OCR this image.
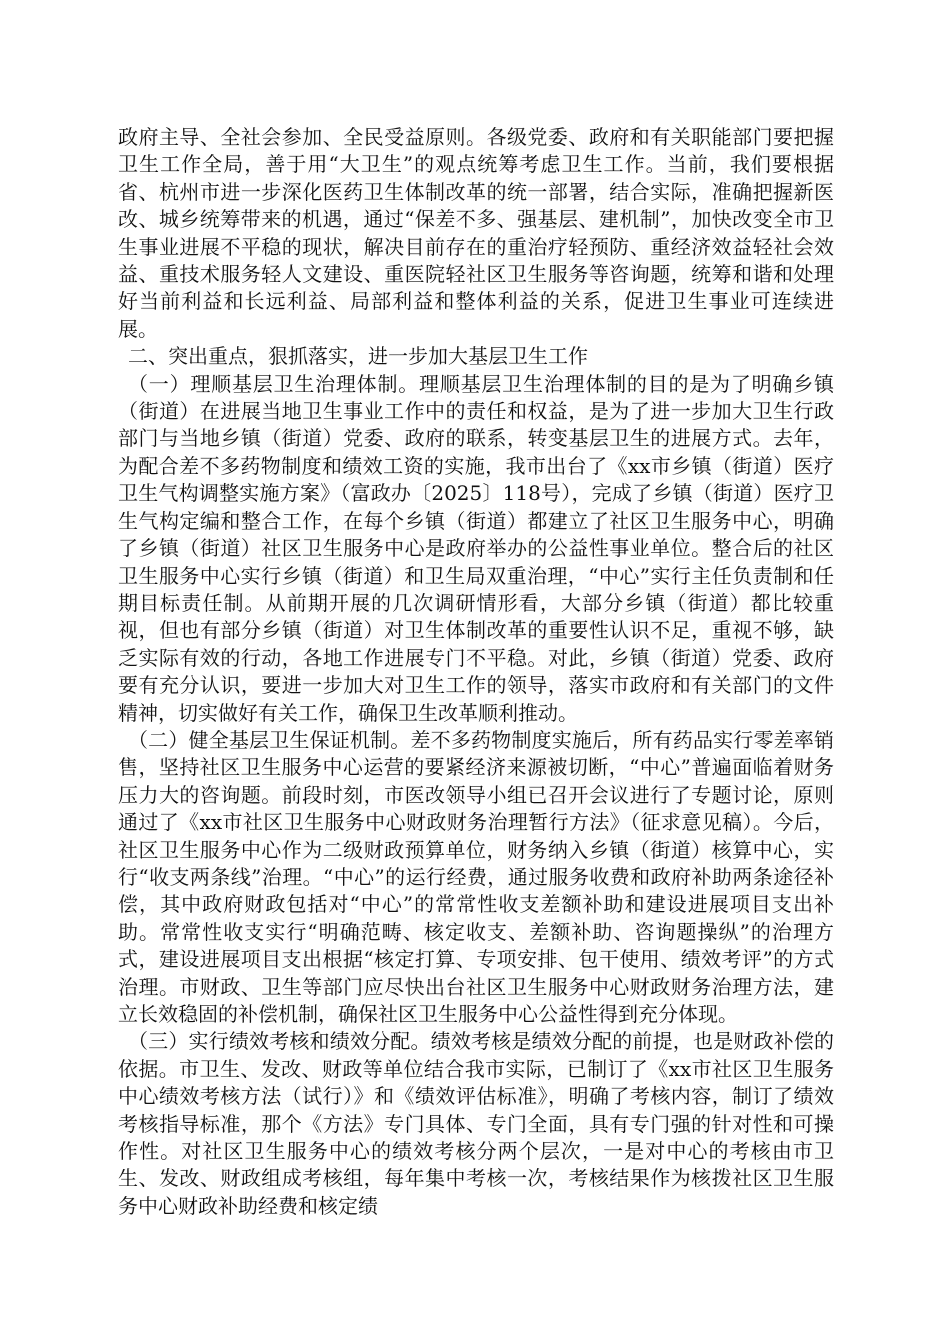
政府主导、全社会参加、全民受益原则。各级党委、政府和有关职能部门要把握卫生工作全局，善于用“大卫生”的观点统筹考虑卫生工作。当前，我们要根据省、杭州市进一步深化医药卫生体制改革的统一部署，结合实际，准确把握新医改、城乡统筹带来的机遇，通过“保差不多、强基层、建机制”，加快改变全市卫生事业进展不平稳的现状，解决目前存在的重治疗轻预防、重经济效益轻社会效益、重技术服务轻人文建设、重医院轻社区卫生服务等咨询题，统筹和谐和处理好当前利益和长远利益、局部利益和整体利益的关系，促进卫生事业可连续进展。

二、突出重点，狠抓落实，进一步加大基层卫生工作

（一）理顺基层卫生治理体制。理顺基层卫生治理体制的目的是为了明确乡镇（街道）在进展当地卫生事业工作中的责任和权益，是为了进一步加大卫生行政部门与当地乡镇（街道）党委、政府的联系，转变基层卫生的进展方式。去年，为配合差不多药物制度和绩效工资的实施，我市出台了《xx市乡镇（街道）医疗卫生气构调整实施方案》（富政办〔2025〕118号），完成了乡镇（街道）医疗卫生气构定编和整合工作，在每个乡镇（街道）都建立了社区卫生服务中心，明确了乡镇（街道）社区卫生服务中心是政府举办的公益性事业单位。整合后的社区卫生服务中心实行乡镇（街道）和卫生局双重治理，“中心”实行主任负责制和任期目标责任制。从前期开展的几次调研情形看，大部分乡镇（街道）都比较重视，但也有部分乡镇（街道）对卫生体制改革的重要性认识不足，重视不够，缺乏实际有效的行动，各地工作进展专门不平稳。对此，乡镇（街道）党委、政府要有充分认识，要进一步加大对卫生工作的领导，落实市政府和有关部门的文件精神，切实做好有关工作，确保卫生改革顺利推动。

（二）健全基层卫生保证机制。差不多药物制度实施后，所有药品实行零差率销售，坚持社区卫生服务中心运营的要紧经济来源被切断，“中心”普遍面临着财务压力大的咨询题。前段时刻，市医改领导小组已召开会议进行了专题讨论，原则通过了《xx市社区卫生服务中心财政财务治理暂行方法》（征求意见稿）。今后，社区卫生服务中心作为二级财政预算单位，财务纳入乡镇（街道）核算中心，实行“收支两条线”治理。“中心”的运行经费，通过服务收费和政府补助两条途径补偿，其中政府财政包括对“中心”的常常性收支差额补助和建设进展项目支出补助。常常性收支实行“明确范畴、核定收支、差额补助、咨询题操纵”的治理方式，建设进展项目支出根据“核定打算、专项安排、包干使用、绩效考评”的方式治理。市财政、卫生等部门应尽快出台社区卫生服务中心财政财务治理方法，建立长效稳固的补偿机制，确保社区卫生服务中心公益性得到充分体现。

（三）实行绩效考核和绩效分配。绩效考核是绩效分配的前提，也是财政补偿的依据。市卫生、发改、财政等单位结合我市实际，已制订了《xx市社区卫生服务中心绩效考核方法（试行）》和《绩效评估标准》，明确了考核内容，制订了绩效考核指导标准，那个《方法》专门具体、专门全面，具有专门强的针对性和可操作性。对社区卫生服务中心的绩效考核分两个层次，一是对中心的考核由市卫生、发改、财政组成考核组，每年集中考核一次，考核结果作为核拨社区卫生服务中心财政补助经费和核定绩
